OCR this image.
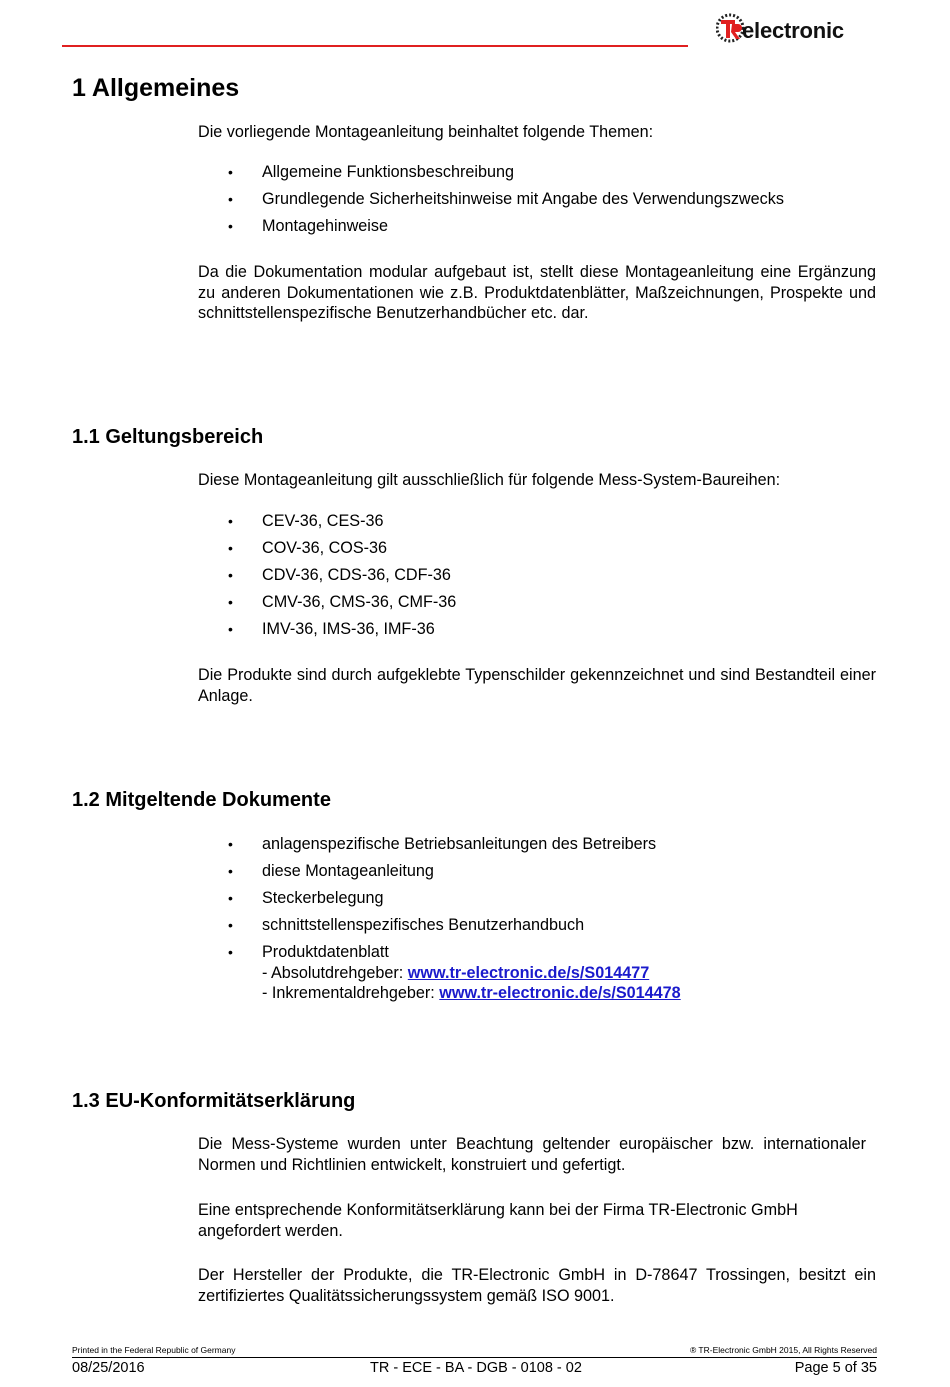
electronic
1 Allgemeines

Die vorliegende Montageanleitung beinhaltet folgende Themen:

• Allgemeine Funktionsbeschreibung
• Grundlegende Sicherheitshinweise mit Angabe des Verwendungszwecks
• Montagehinweise

Da die Dokumentation modular aufgebaut ist, stellt diese Montageanleitung eine Ergänzung zu anderen Dokumentationen wie z.B. Produktdatenblätter, Maßzeichnungen, Prospekte und schnittstellenspezifische Benutzerhandbücher etc. dar.

1.1 Geltungsbereich

Diese Montageanleitung gilt ausschließlich für folgende Mess-System-Baureihen:

• CEV-36, CES-36
• COV-36, COS-36
• CDV-36, CDS-36, CDF-36
• CMV-36, CMS-36, CMF-36
• IMV-36, IMS-36, IMF-36

Die Produkte sind durch aufgeklebte Typenschilder gekennzeichnet und sind Bestandteil einer Anlage.

1.2 Mitgeltende Dokumente
• anlagenspezifische Betriebsanleitungen des Betreibers
• diese Montageanleitung
• Steckerbelegung
• schnittstellenspezifisches Benutzerhandbuch
• Produktdatenblatt
- Absolutdrehgeber: www.tr-electronic.de/s/S014477
- Inkrementaldrehgeber: www.tr-electronic.de/s/S014478
1.3 EU-Konformitätserklärung

Die Mess-Systeme wurden unter Beachtung geltender europäischer bzw. internationaler Normen und Richtlinien entwickelt, konstruiert und gefertigt.

Eine entsprechende Konformitätserklärung kann bei der Firma TR-Electronic GmbH angefordert werden.

Der Hersteller der Produkte, die TR-Electronic GmbH in D-78647 Trossingen, besitzt ein zertifiziertes Qualitätssicherungssystem gemäß ISO 9001.

Printed in the Federal Republic of Germany	® TR-Electronic GmbH 2015, All Rights Reserved
08/25/2016	TR - ECE - BA - DGB - 0108 - 02	Page 5 of 35
